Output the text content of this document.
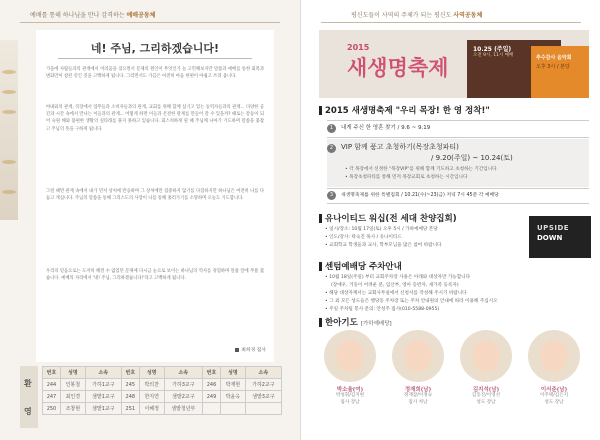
예배를 통해 하나님을 만나 감격하는 예배공동체
네! 주님, 그리하겠습니다!

가을에 사람들과의 관계에서 어려움을 겪으면서 문제의 원인이 무엇인가 늘 고민해보지만 말씀과 예배를 통한 회복과 변화만이 참된 길인 것을 고백하게 됩니다. 그러면서도 가끔은 여전히 마음 한편이 아쉽고 쓰려 옵니다.

아내와의 관계, 직장에서 업무들과 소비자들과의 관계, 교회를 위해 함께 섬기고 있는 동역자들과의 관계... 다양한 공간과 시간 속에서 만나는 이들과의 관계... 어떻게 하면 이들과 온전한 관계를 만들어 갈 수 있을까? 때로는 갈등이 되어 숙원 해와 불편한 생활의 실타래를 풀지 못하고 있습니다. 회스쳐하게 될 때 주님께 나아가 기도하며 말씀을 붙잡고 주님의 뜻을 구하게 됩니다.

그럴 때면 관계 속에서 내가 먼저 상처에 반응하며 그 상처에만 집중하지 않기를 다짐하지만 하나님은 여전히 나를 다듬고 계십니다. 주님의 말씀을 통해 그리스도의 사랑이 나를 통해 흘러가기를 소망하며 오늘도 기도합니다.

우리의 믿음으로는 도저히 해결 수 없었던 문제에 다시금 눈으로 보이는 하나님의 역사를 경험하며 말씀 앞에 무릎 꿇습니다. 예배의 자리에서 '네! 주님, 그리하겠습니다!'라고 고백하게 됩니다.

최희경 집사
환
영
번호	성명	소속	번호	성명	소속	번호	성명	소속
244	인봉철	가하1교구	245	박의찬	가하3교구	246	박재현	가하2교구
247	최인경	샘밭1교구	248	한지연	샘밭2교구	249	박윤옥	샘밭3교구
250	조창현	샘밭1교구	251	이혜정	샘밭청년부			
평신도들이 사역의 주체가 되는 평신도 사역공동체
2015
새생명축제
10.25 (주일)
오전 9시, 11시 예배	추수감사 음악회
오후 3시 / 본당
2015 새생명축제 "우리 목장! 한 영 정착!"
1 내게 주신 한 영혼 찾기 / 9.6 ~ 9.19
2 VIP 함께 품고 초청하기(목장초청파티)
/ 9.20(주일) ~ 10.24(토)
• 각 목장에서 선정한 "목장VIP"를 위해 함께 기도하고 초청하는 기간입니다
• 목장초청파티를 통해 먼저 목장교회로 초청하는 시간입니다
3 새생명축제를 위한 특별집회 / 10.21(수)~23(금) 저녁 7시 45분 각 예배당
유나이티드 워십(전 세대 찬양집회)
• 일시/장소: 10월 17일(토) 오후 5시 / 가하예배당 본당
• 인도/강사: 곽숙진 목사 / 유나이티드
• 교회학교 학생들과 교사, 학부모님을 많은 참여 바랍니다
UPSIDE
DOWN
센텀예배당 주차안내
• 10월 18일(주일) 부터 교회주차장 사용은 아래와 대상자만 가능합니다
(장애우, 거동이 어려운 분, 임산부, 영아 동반자, 새가족 등록자)
• 해당 대상자께서는 교회사무실에서 신청서를 작성해 주시기 바랍니다
• 그 외 모든 성도들은 행당동 주차장 또는 주차 안내원의 안내에 따라 이용해 주십시오
• 주일 주차팀 봉사 문의: 안성주 집사(010-5588-0955)
한아기도 [가하예배당]
박소율(여)
박성휘/김지현
집사 장남
정재희(남)
정재갑/이정숙
집사 차남
김지석(남)
김동진/이영선
성도 장남
이서준(남)
이주택/김은지
성도 장남
